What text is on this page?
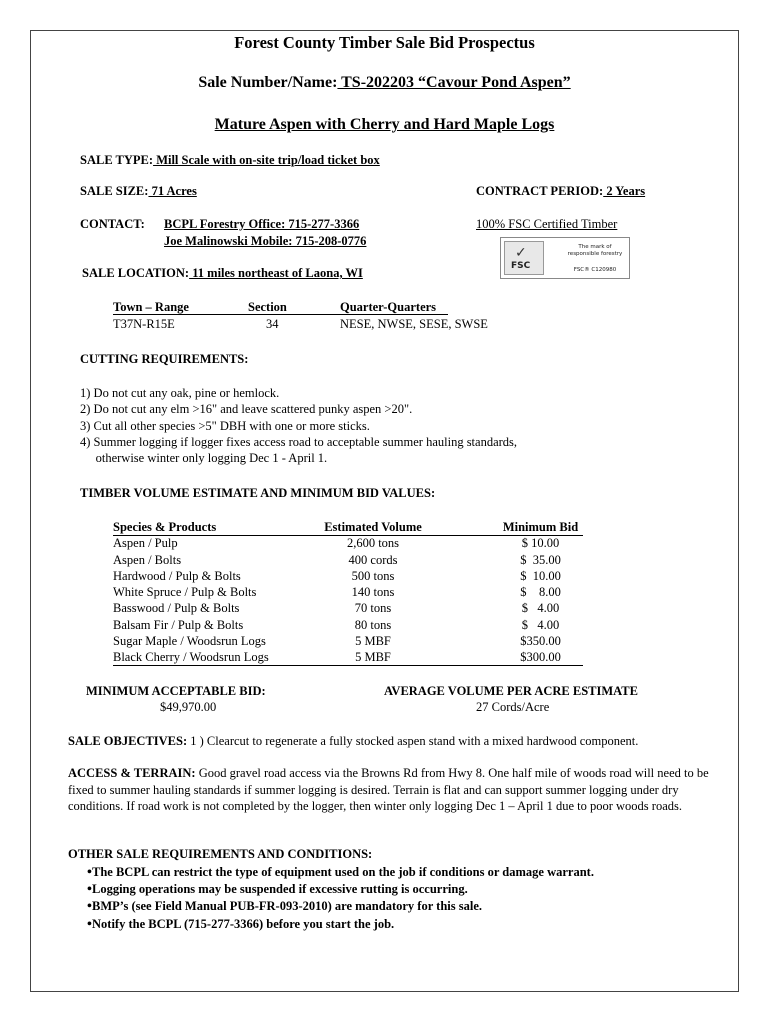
Forest County Timber Sale Bid Prospectus
Sale Number/Name: TS-202203 “Cavour Pond Aspen”
Mature Aspen with Cherry and Hard Maple Logs
SALE TYPE: Mill Scale with on-site trip/load ticket box
SALE SIZE: 71 Acres	CONTRACT PERIOD: 2 Years
CONTACT: BCPL Forestry Office: 715-277-3366
Joe Malinowski Mobile: 715-208-0776
100% FSC Certified Timber
✓
FSC
The mark of responsible forestry
FSC® C120980
SALE LOCATION: 11 miles northeast of Laona, WI
Town – Range	Section	Quarter-Quarters
T37N-R15E	34	NESE, NWSE, SESE, SWSE
CUTTING REQUIREMENTS:
1) Do not cut any oak, pine or hemlock.
2) Do not cut any elm >16" and leave scattered punky aspen >20".
3) Cut all other species >5" DBH with one or more sticks.
4) Summer logging if logger fixes access road to acceptable summer hauling standards,
otherwise winter only logging Dec 1 - April 1.
TIMBER VOLUME ESTIMATE AND MINIMUM BID VALUES:
Species & Products	Estimated Volume	Minimum Bid
Aspen / Pulp	2,600 tons	$ 10.00
Aspen / Bolts	400 cords	$  35.00
Hardwood / Pulp & Bolts	500 tons	$  10.00
White Spruce / Pulp & Bolts	140 tons	$    8.00
Basswood / Pulp & Bolts	70 tons	$   4.00
Balsam Fir / Pulp & Bolts	80 tons	$   4.00
Sugar Maple / Woodsrun Logs	5 MBF	$350.00
Black Cherry / Woodsrun Logs	5 MBF	$300.00
MINIMUM ACCEPTABLE BID:
$49,970.00
AVERAGE VOLUME PER ACRE ESTIMATE
27 Cords/Acre
SALE OBJECTIVES: 1 ) Clearcut to regenerate a fully stocked aspen stand with a mixed hardwood component.
ACCESS & TERRAIN: Good gravel road access via the Browns Rd from Hwy 8. One half mile of woods road will need to be fixed to summer hauling standards if summer logging is desired. Terrain is flat and can support summer logging under dry conditions. If road work is not completed by the logger, then winter only logging Dec 1 – April 1 due to poor woods roads.
OTHER SALE REQUIREMENTS AND CONDITIONS:
• The BCPL can restrict the type of equipment used on the job if conditions or damage warrant.
• Logging operations may be suspended if excessive rutting is occurring.
• BMP’s (see Field Manual PUB-FR-093-2010) are mandatory for this sale.
• Notify the BCPL (715-277-3366) before you start the job.
